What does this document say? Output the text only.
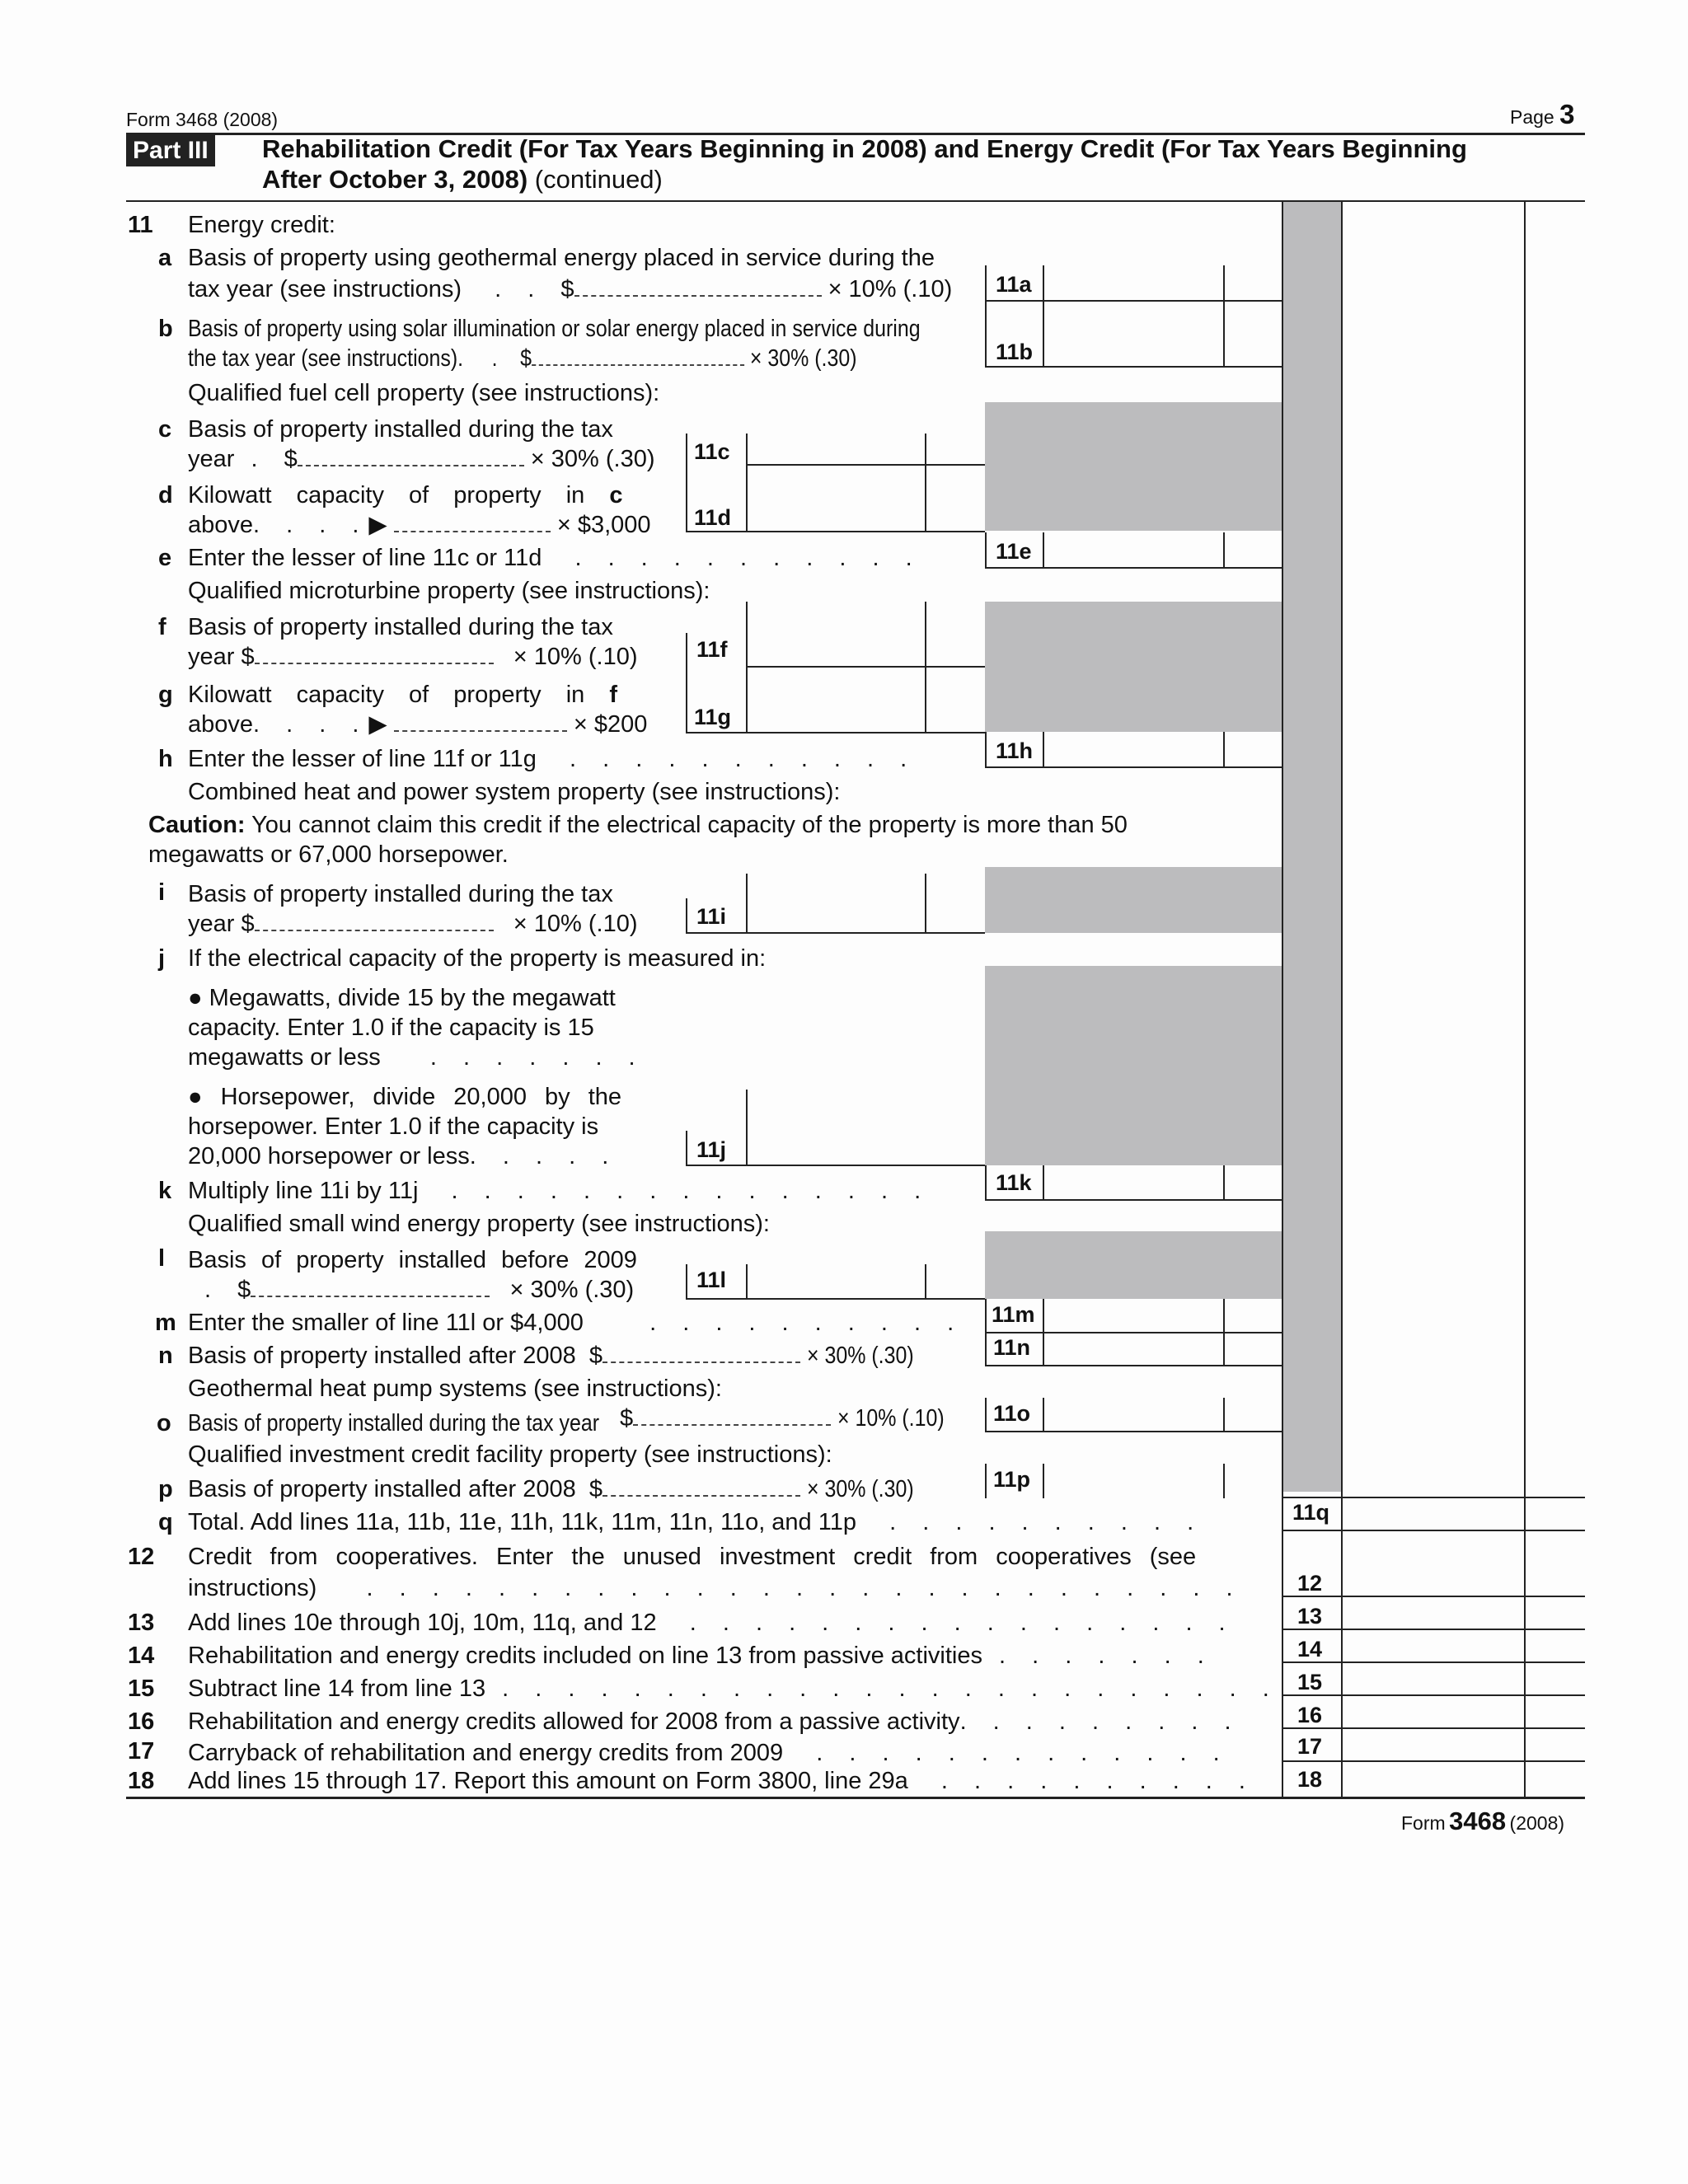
Form 3468 (2008)	Page 3
Part III Rehabilitation Credit (For Tax Years Beginning in 2008) and Energy Credit (For Tax Years Beginning
After October 3, 2008) (continued)
11 Energy credit:
a Basis of property using geothermal energy placed in service during the
tax year (see instructions)  . . $	× 10% (.10) 11a
b Basis of property using solar illumination or solar energy placed in service during
the tax year (see instructions).  . $	× 30% (.30)	11b
Qualified fuel cell property (see instructions):
c Basis of property installed during the tax
year . $	× 30% (.30) 11c
d Kilowatt capacity of property in c
above. . . .▶	× $3,000 11d
e Enter the lesser of line 11c or 11d  . . . . . . . . . . .	11e
Qualified microturbine property (see instructions):
f Basis of property installed during the tax
year $	× 10% (.10)	11f
g Kilowatt capacity of property in f
above. . . .▶	× $200 11g
h Enter the lesser of line 11f or 11g  . . . . . . . . . . .	11h
Combined heat and power system property (see instructions):
Caution: You cannot claim this credit if the electrical capacity of the property is more than 50
megawatts or 67,000 horsepower.
i Basis of property installed during the tax
year $	× 10% (.10)	11i
j If the electrical capacity of the property is measured in:
● Megawatts, divide 15 by the megawatt
capacity. Enter 1.0 if the capacity is 15
megawatts or less   . . . . . . .
● Horsepower, divide 20,000 by the
horsepower. Enter 1.0 if the capacity is
20,000 horsepower or less. . . . .	11j
k Multiply line 11i by 11j  . . . . . . . . . . . . . . .	11k
Qualified small wind energy property (see instructions):
l Basis of property installed before 2009
. $	× 30% (.30)	11l
m Enter the smaller of line 11l or $4,000    . . . . . . . . . . 11m
n Basis of property installed after 2008 $	× 30% (.30)	11n
Geothermal heat pump systems (see instructions):
o Basis of property installed during the tax year $	× 10% (.10)	11o
Qualified investment credit facility property (see instructions):
p Basis of property installed after 2008 $	× 30% (.30)	11p
q Total. Add lines 11a, 11b, 11e, 11h, 11k, 11m, 11n, 11o, and 11p  . . . . . . . . . .	11q
12 Credit from cooperatives. Enter the unused investment credit from cooperatives (see
instructions)   . . . . . . . . . . . . . . . . . . . . . . . . . . . 12
13 Add lines 10e through 10j, 10m, 11q, and 12  . . . . . . . . . . . . . . . . .	13
14 Rehabilitation and energy credits included on line 13 from passive activities . . . . . . .	14
15 Subtract line 14 from line 13 . . . . . . . . . . . . . . . . . . . . . . . . 15
16 Rehabilitation and energy credits allowed for 2008 from a passive activity. . . . . . . . .	16
17 Carryback of rehabilitation and energy credits from 2009  . . . . . . . . . . . . .	17
18 Add lines 15 through 17. Report this amount on Form 3800, line 29a  . . . . . . . . . . 18
Form 3468 (2008)
